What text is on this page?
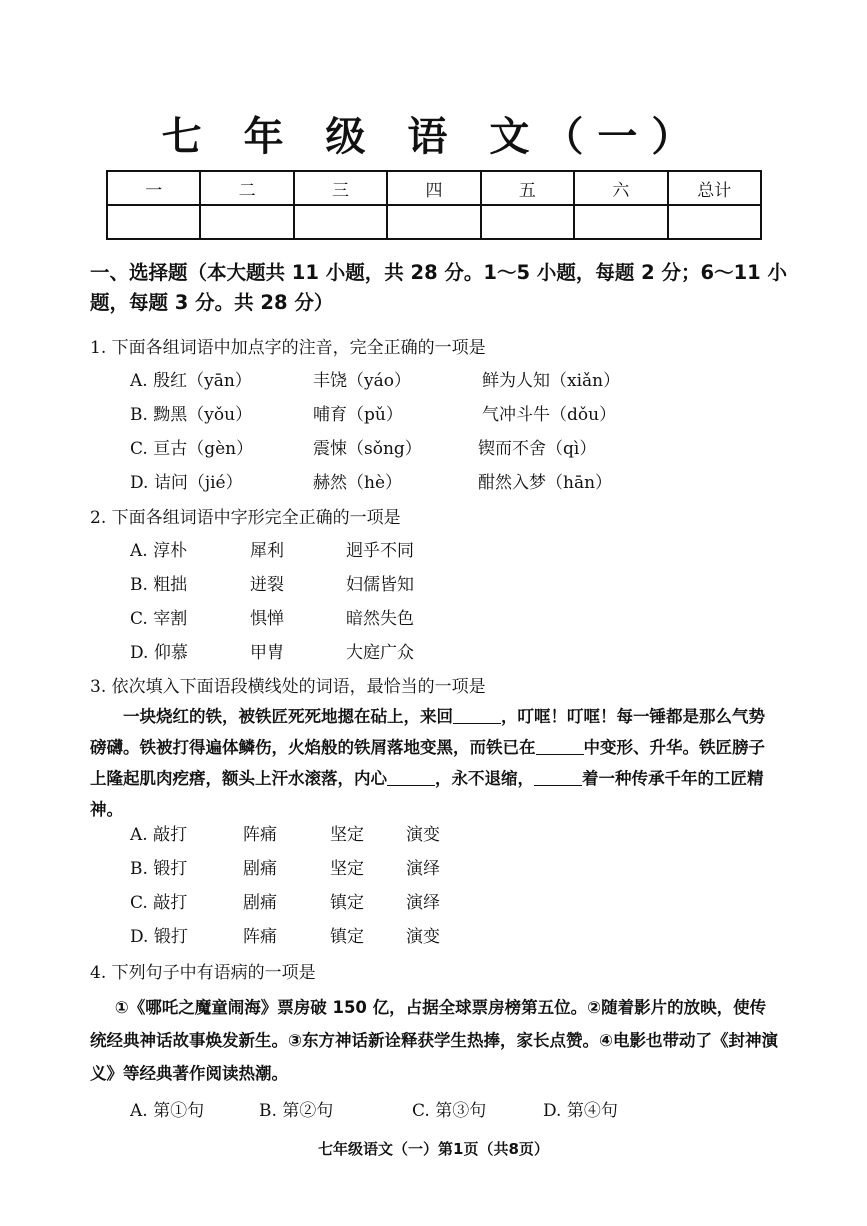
七 年 级 语 文（一）
一	二	三	四	五	六	总计

一、选择题（本大题共 11 小题，共 28 分。1～5 小题，每题 2 分；6～11 小题，每题 3 分。共 28 分）
1. 下面各组词语中加点字的注音，完全正确的一项是
A. 殷红（yān）	丰饶（yáo）	鲜为人知（xiǎn）
B. 黝黑（yǒu）	哺育（pǔ）	气冲斗牛（dǒu）
C. 亘古（gèn）	震悚（sǒng）	锲而不舍（qì）
D. 诘问（jié）	赫然（hè）	酣然入梦（hān）
2. 下面各组词语中字形完全正确的一项是
A. 淳朴	犀利	迥乎不同
B. 粗拙	迸裂	妇儒皆知
C. 宰割	惧惮	暗然失色
D. 仰慕	甲胄	大庭广众
3. 依次填入下面语段横线处的词语，最恰当的一项是
一块烧红的铁，被铁匠死死地摁在砧上，来回	，叮哐！叮哐！每一锤都是那么气势磅礴。铁被打得遍体鳞伤，火焰般的铁屑落地变黑，而铁已在	中变形、升华。铁匠膀子上隆起肌肉疙瘩，额头上汗水滚落，内心	，永不退缩，	着一种传承千年的工匠精神。
A. 敲打	阵痛	坚定 演变
B. 锻打	剧痛	坚定 演绎
C. 敲打	剧痛	镇定 演绎
D. 锻打	阵痛	镇定 演变
4. 下列句子中有语病的一项是
①《哪吒之魔童闹海》票房破 150 亿，占据全球票房榜第五位。②随着影片的放映，使传统经典神话故事焕发新生。③东方神话新诠释获学生热捧，家长点赞。④电影也带动了《封神演义》等经典著作阅读热潮。
A. 第①句	B. 第②句	C. 第③句	D. 第④句
七年级语文（一）第1页（共8页）
